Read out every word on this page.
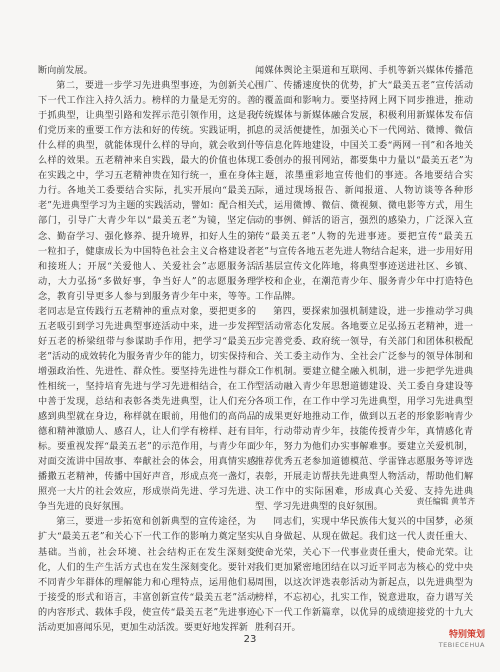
断向前发展。

第二，要进一步学习先进典型事迹，为创新关心下一代工作注入持久活力。榜样的力量是无穷的。善于抓典型，让典型引路和发挥示范引领作用，这是我们党历来的重要工作方法和好的传统。实践证明，抓什么样的典型，就能体现什么样的导向，就会收到什么样的效果。五老精神来自实践，最大的价值也体现在实践之中，学习五老精神贵在知行统一，重在身体力行。各地关工委要结合实际，扎实开展向“最美五老”先进典型学习为主题的实践活动，譬如：配合相关部门，引导广大青少年以“最美五老”为镜，坚定信念、勤奋学习、强化修养、提升境界，扣好人生的第一粒扣子，健康成长为中国特色社会主义合格建设者和接班人；开展“关爱他人、关爱社会”志愿服务活动，大力弘扬“多做好事，争当好人”的志愿服务理念，教育引导更多人参与到服务青少年中来，等等。老同志是宣传践行五老精神的重点对象，要把更多的五老吸引到学习先进典型事迹活动中来，进一步发挥好五老的桥梁纽带与参谋助手作用，把学习“最美五老”活动的成效转化为服务青少年的能力，切实保持和增强政治性、先进性、群众性。要坚持先进性与群众性相统一，坚持培育先进与学习先进相结合，在工作中善于发现，总结和表彰各类先进典型，让人们充分感到典型就在身边，称样就在眼前，用他们的高尚品德和精神激励人、感召人，让人们学有榜样、赶有目标。要重视发挥“最美五老”的示范作用，与青少年面对面交流讲中国故事、奉献社会的体会，用真情实感播撒五老精神，传播中国好声音，形成点亮一盏灯，照亮一大片的社会效应，形成崇尚先进、学习先进、争当先进的良好氛围。

第三，要进一步拓宽和创新典型的宣传途径，为扩大“最美五老”和关心下一代工作的影响力奠定坚实基础。当前，社会环境、社会结构正在发生深刻变化，人们的生产生活方式也在发生深刻变化。要针对不同青少年群体的理解能力和心理特点，运用他们易于接受的形式和语言，丰富创新宣传“最美五老”活动的内容形式、载体手段，使宣传“最美五老”先进事迹活动更加喜闻乐见，更加生动活泼。要更好地发挥新

闻媒体舆论主渠道和互联网、手机等新兴媒体传播范围广、传播速度快的优势，扩大“最美五老”宣传活动的覆盖面和影响力。要坚持网上网下同步推进，推动传统媒体与新媒体融合发展，积极利用新媒体发布信息的灵活便捷性，加强关心下一代网站、微博、微信等信息化阵地建设，中国关工委“两网一刊”和各地关工委创办的报刊网站，都要集中力量以“最美五老”为主题，浓墨重彩地宣传他们的事迹。各地要结合实际，通过现场报告、新闻报道、人物访谈等各种形式，运用微博、微信、微视频、微电影等方式，用生动的事例、鲜活的语言，强烈的感染力，广泛深入宣传“最美五老”人物的先进事迹。要把宣传“最美五老”与宣传各地五老先进人物结合起来，进一步用好用活基层宣传文化阵地，将典型事迹送进社区、乡镇、学校和企业，在潮范青少年、服务青少年中打造特色工作品牌。

第四，要探索加强机制建设，进一步推动学习典型活动常态化发展。各地要立足弘扬五老精神，进一步完善党委、政府统一领导，有关部门和团体积极配合、关工委主动作为、全社会广泛参与的领导体制和工作机制。要建立健全融入机制，进一步把学先进典型活动融入青少年思想道德建设、关工委自身建设等各项工作，在工作中学习先进典型，用学习先进典型的成果更好地推动工作，做到以五老的形象影响青少年，行动带动青少年，技能传授青少年，真情感化青少年，努力为他们办实事解难事。要建立关爱机制，推荐优秀五老参加道德模范、学雷锋志愿服务等评选表彰，开展走访帮扶先进典型人物活动，帮助他们解决工作中的实际困难，形成真心关爱、支持先进典型、学习先进典型的良好氛围。

同志们，实现中华民族伟大复兴的中国梦，必须从自身做起、从现在做起。我们这一代人责任重大、使命光荣，关心下一代事业责任重大，使命光荣。让我们更加紧密地团结在以习近平同志为核心的党中央周围，以这次评选表彰活动为新起点，以先进典型为榜样，不忘初心，扎实工作，锐意进取，奋力谱写关心下一代工作新篇章，以优异的成绩迎接党的十九大胜利召开。

责任编辑 黄苇齐
23	特别策划
TEBIECEHUA
